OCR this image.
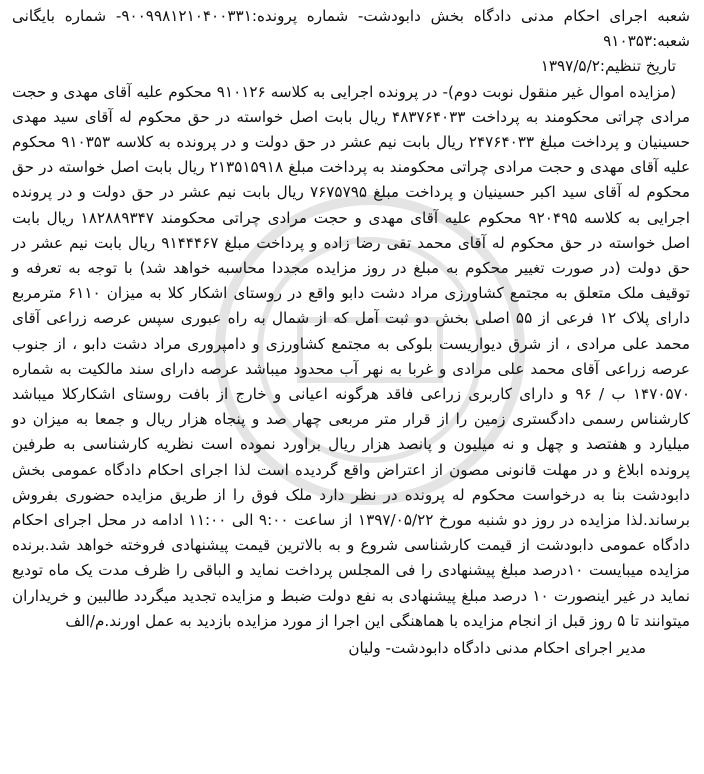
شعبه اجرای احکام مدنی دادگاه بخش دابودشت- شماره پرونده:۹۰۰۹۹۸۱۲۱۰۴۰۰۳۳۱- شماره بایگانی شعبه:۹۱۰۳۵۳
تاریخ تنظیم:۱۳۹۷/۵/۲

(مزایده اموال غیر منقول نوبت دوم)- در پرونده اجرایی به کلاسه ۹۱۰۱۲۶ محکوم علیه آقای مهدی و حجت مرادی چراتی محکومند به پرداخت ۴۸۳۷۶۴۰۳۳ ریال بابت اصل خواسته در حق محکوم له آقای سید مهدی حسینیان و پرداخت مبلغ ۲۴۷۶۴۰۳۳ ریال بابت نیم عشر در حق دولت و در پرونده به کلاسه ۹۱۰۳۵۳ محکوم علیه آقای مهدی و حجت مرادی چراتی محکومند به پرداخت مبلغ ۲۱۳۵۱۵۹۱۸ ریال بابت اصل خواسته در حق محکوم له آقای سید اکبر حسینیان و پرداخت مبلغ ۷۶۷۵۷۹۵ ریال بابت نیم عشر در حق دولت و در پرونده اجرایی به کلاسه ۹۲۰۴۹۵ محکوم علیه آقای مهدی و حجت مرادی چراتی محکومند ۱۸۲۸۸۹۳۴۷ ریال بابت اصل خواسته در حق محکوم له آقای محمد تقی رضا زاده و پرداخت مبلغ ۹۱۴۴۴۶۷ ریال بابت نیم عشر در حق دولت (در صورت تغییر محکوم به مبلغ در روز مزایده مجددا محاسبه خواهد شد) با توجه به تعرفه و توقیف ملک متعلق به مجتمع کشاورزی مراد دشت دابو واقع در روستای اشکار کلا به میزان ۶۱۱۰ مترمربع دارای پلاک ۱۲ فرعی از ۵۵ اصلی بخش دو ثبت آمل که از شمال به راه عبوری سپس عرصه زراعی آقای محمد علی مرادی ، از شرق دیواریست بلوکی به مجتمع کشاورزی و دامپروری مراد دشت دابو ، از جنوب عرصه زراعی آقای محمد علی مرادی و غربا به نهر آب محدود میباشد عرصه دارای سند مالکیت به شماره ۱۴۷۰۵۷۰ ب / ۹۶ و دارای کاربری زراعی فاقد هرگونه اعیانی و خارج از بافت روستای اشکارکلا میباشد کارشناس رسمی دادگستری زمین را از قرار متر مربعی چهار صد و پنجاه هزار ریال و جمعا به میزان دو میلیارد و هفتصد و چهل و نه میلیون و پانصد هزار ریال براورد نموده است نظریه کارشناسی به طرفین پرونده ابلاغ و در مهلت قانونی مصون از اعتراض واقع گردیده است لذا اجرای احکام دادگاه عمومی بخش دابودشت بنا به درخواست محکوم له پرونده در نظر دارد ملک فوق را از طریق مزایده حضوری بفروش برساند.لذا مزایده در روز دو شنبه مورخ ۱۳۹۷/۰۵/۲۲ از ساعت ۹:۰۰ الی ۱۱:۰۰ ادامه در محل اجرای احکام دادگاه عمومی دابودشت از قیمت کارشناسی شروع و به بالاترین قیمت پیشنهادی فروخته خواهد شد.برنده مزایده میبایست ۱۰درصد مبلغ پیشنهادی را فی المجلس پرداخت نماید و الباقی را ظرف مدت یک ماه تودیع نماید در غیر اینصورت ۱۰ درصد مبلغ پیشنهادی به نفع دولت ضبط و مزایده تجدید میگردد طالبین و خریداران میتوانند تا ۵ روز قبل از انجام مزایده با هماهنگی این اجرا از مورد مزایده بازدید به عمل اورند.م/الف

مدیر اجرای احکام مدنی دادگاه دابودشت- ولیان
